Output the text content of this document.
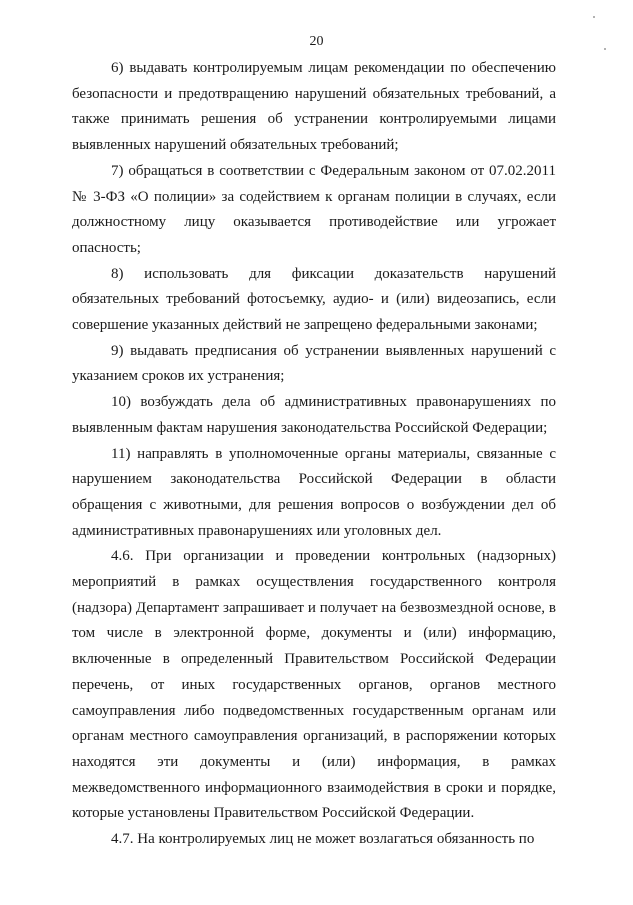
20

6) выдавать контролируемым лицам рекомендации по обеспечению безопасности и предотвращению нарушений обязательных требований, а также принимать решения об устранении контролируемыми лицами выявленных нарушений обязательных требований;

7) обращаться в соответствии с Федеральным законом от 07.02.2011 № 3-ФЗ «О полиции» за содействием к органам полиции в случаях, если должностному лицу оказывается противодействие или угрожает опасность;

8) использовать для фиксации доказательств нарушений обязательных требований фотосъемку, аудио- и (или) видеозапись, если совершение указанных действий не запрещено федеральными законами;

9) выдавать предписания об устранении выявленных нарушений с указанием сроков их устранения;

10) возбуждать дела об административных правонарушениях по выявленным фактам нарушения законодательства Российской Федерации;

11) направлять в уполномоченные органы материалы, связанные с нарушением законодательства Российской Федерации в области обращения с животными, для решения вопросов о возбуждении дел об административных правонарушениях или уголовных дел.

4.6. При организации и проведении контрольных (надзорных) мероприятий в рамках осуществления государственного контроля (надзора) Департамент запрашивает и получает на безвозмездной основе, в том числе в электронной форме, документы и (или) информацию, включенные в определенный Правительством Российской Федерации перечень, от иных государственных органов, органов местного самоуправления либо подведомственных государственным органам или органам местного самоуправления организаций, в распоряжении которых находятся эти документы и (или) информация, в рамках межведомственного информационного взаимодействия в сроки и порядке, которые установлены Правительством Российской Федерации.

4.7. На контролируемых лиц не может возлагаться обязанность по
